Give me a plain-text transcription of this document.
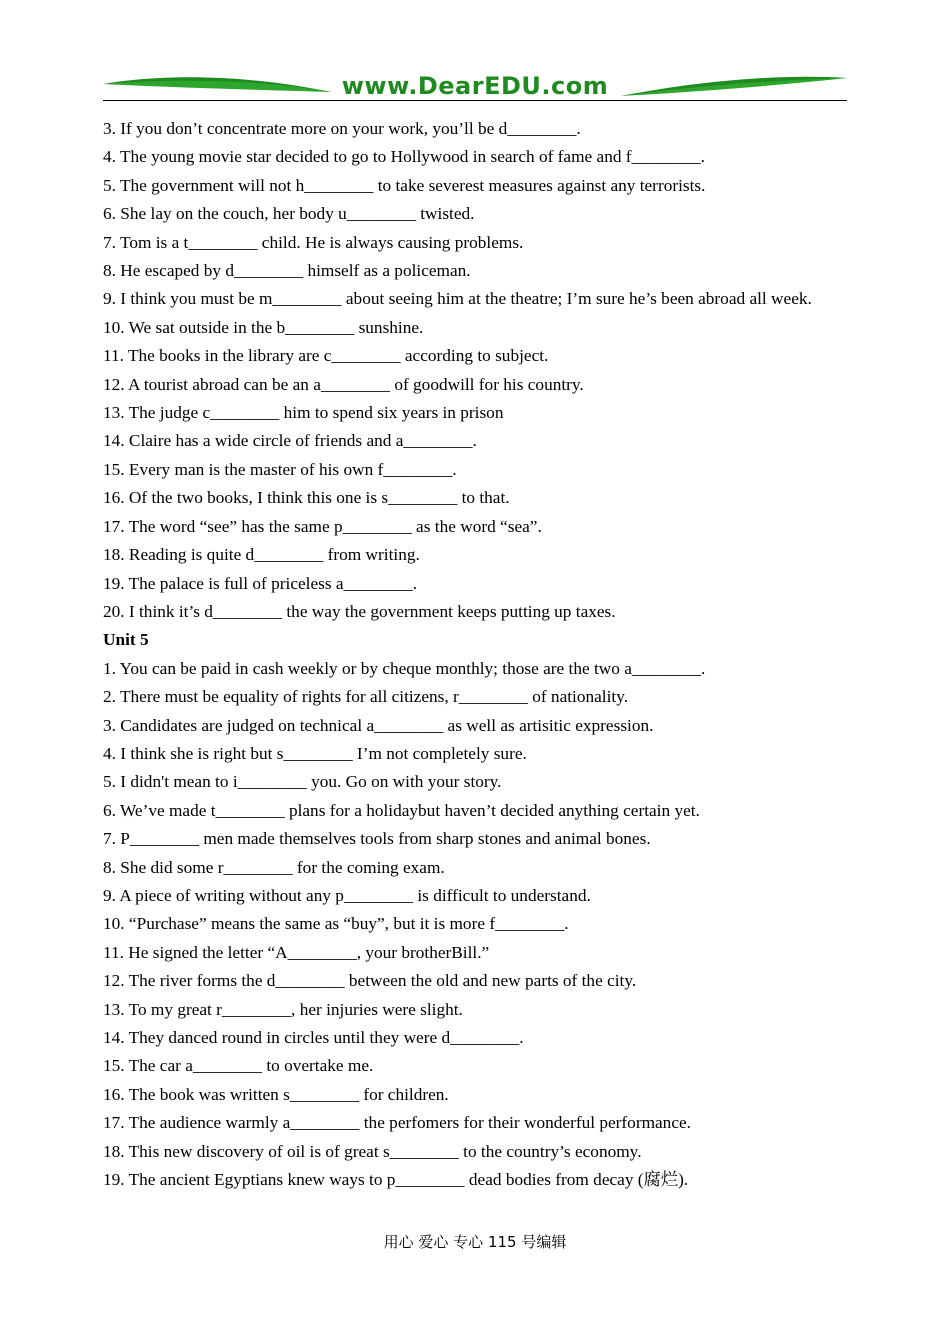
www.DearEDU.com
3. If you don’t concentrate more on your work, you’ll be d________.
4. The young movie star decided to go to Hollywood in search of fame and f________.
5. The government will not h________ to take severest measures against any terrorists.
6. She lay on the couch, her body u________ twisted.
7. Tom is a t________ child. He is always causing problems.
8. He escaped by d________ himself as a policeman.
9. I think you must be m________ about seeing him at the theatre; I’m sure he’s been abroad all week.
10. We sat outside in the b________ sunshine.
11. The books in the library are c________ according to subject.
12. A tourist abroad can be an a________ of goodwill for his country.
13. The judge c________ him to spend six years in prison
14. Claire has a wide circle of friends and a________.
15. Every man is the master of his own f________.
16. Of the two books, I think this one is s________ to that.
17. The word “see” has the same p________ as the word “sea”.
18. Reading is quite d________ from writing.
19. The palace is full of priceless a________.
20. I think it’s d________ the way the government keeps putting up taxes.
Unit 5
1. You can be paid in cash weekly or by cheque monthly; those are the two a________.
2. There must be equality of rights for all citizens, r________ of nationality.
3. Candidates are judged on technical a________ as well as artisitic expression.
4. I think she is right but s________ I’m not completely sure.
5. I didn't mean to i________ you. Go on with your story.
6. We’ve made t________ plans for a holidaybut haven’t decided anything certain yet.
7. P________ men made themselves tools from sharp stones and animal bones.
8. She did some r________ for the coming exam.
9. A piece of writing without any p________ is difficult to understand.
10. “Purchase” means the same as “buy”, but it is more f________.
11. He signed the letter “A________, your brotherBill.”
12. The river forms the d________ between the old and new parts of the city.
13. To my great r________, her injuries were slight.
14. They danced round in circles until they were d________.
15. The car a________ to overtake me.
16. The book was written s________ for children.
17. The audience warmly a________ the perfomers for their wonderful performance.
18. This new discovery of oil is of great s________ to the country’s economy.
19. The ancient Egyptians knew ways to p________ dead bodies from decay (腐烂).
用心 爱心 专心 115 号编辑
